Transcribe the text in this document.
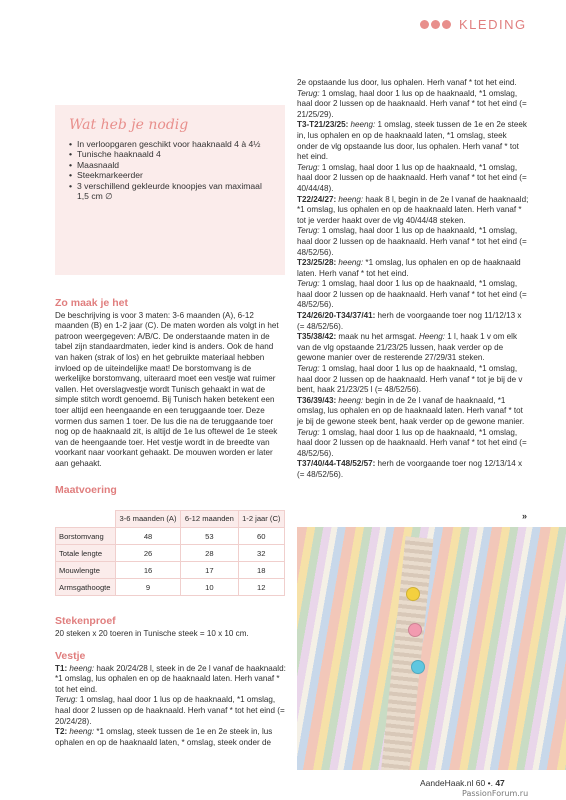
KLEDING
Wat heb je nodig
• In verloopgaren geschikt voor haaknaald 4 à 4½
• Tunische haaknaald 4
• Maasnaald
• Steekmarkeerder
• 3 verschillend gekleurde knoopjes van maximaal 1,5 cm ∅
Zo maak je het

De beschrijving is voor 3 maten: 3-6 maanden (A), 6-12 maanden (B) en 1-2 jaar (C). De maten worden als volgt in het patroon weergegeven: A/B/C. De onderstaande maten in de tabel zijn standaardmaten, ieder kind is anders. Ook de hand van haken (strak of los) en het gebruikte materiaal hebben invloed op de uiteindelijke maat! De borstomvang is de werkelijke borstomvang, uiteraard moet een vestje wat ruimer vallen. Het overslagvestje wordt Tunisch gehaakt in wat de simple stitch wordt genoemd. Bij Tunisch haken betekent een toer altijd een heengaande en een teruggaande toer. Deze vormen dus samen 1 toer. De lus die na de teruggaande toer nog op de haaknaald zit, is altijd de 1e lus oftewel de 1e steek van de heengaande toer. Het vestje wordt in de breedte van voorkant naar voorkant gehaakt. De mouwen worden er later aan gehaakt.

Maatvoering
	3-6 maanden (A)	6-12 maanden	1-2 jaar (C)
Borstomvang	48	53	60
Totale lengte	26	28	32
Mouwlengte	16	17	18
Armsgathoogte	9	10	12
Stekenproef

20 steken x 20 toeren in Tunische steek = 10 x 10 cm.

Vestje

T1: heeng: haak 20/24/28 l, steek in de 2e l vanaf de haaknaald: *1 omslag, lus ophalen en op de haaknaald laten. Herh vanaf * tot het eind.

Terug: 1 omslag, haal door 1 lus op de haaknaald, *1 omslag, haal door 2 lussen op de haaknaald. Herh vanaf * tot het eind (= 20/24/28).

T2: heeng: *1 omslag, steek tussen de 1e en 2e steek in, lus ophalen en op de haaknaald laten, * omslag, steek onder de

2e opstaande lus door, lus ophalen. Herh vanaf * tot het eind.

Terug: 1 omslag, haal door 1 lus op de haaknaald, *1 omslag, haal door 2 lussen op de haaknaald. Herh vanaf * tot het eind (= 21/25/29).

T3-T21/23/25: heeng: 1 omslag, steek tussen de 1e en 2e steek in, lus ophalen en op de haaknaald laten, *1 omslag, steek onder de vlg opstaande lus door, lus ophalen. Herh vanaf * tot het eind.

Terug: 1 omslag, haal door 1 lus op de haaknaald, *1 omslag, haal door 2 lussen op de haaknaald. Herh vanaf * tot het eind (= 40/44/48).

T22/24/27: heeng: haak 8 l, begin in de 2e l vanaf de haaknaald; *1 omslag, lus ophalen en op de haaknaald laten. Herh vanaf * tot je verder haakt over de vlg 40/44/48 steken.

Terug: 1 omslag, haal door 1 lus op de haaknaald, *1 omslag, haal door 2 lussen op de haaknaald. Herh vanaf * tot het eind (= 48/52/56).

T23/25/28: heeng: *1 omslag, lus ophalen en op de haaknaald laten. Herh vanaf * tot het eind.

Terug: 1 omslag, haal door 1 lus op de haaknaald, *1 omslag, haal door 2 lussen op de haaknaald. Herh vanaf * tot het eind (= 48/52/56).

T24/26/20-T34/37/41: herh de voorgaande toer nog 11/12/13 x (= 48/52/56).

T35/38/42: maak nu het armsgat. Heeng: 1 l, haak 1 v om elk van de vlg opstaande 21/23/25 lussen, haak verder op de gewone manier over de resterende 27/29/31 steken.

Terug: 1 omslag, haal door 1 lus op de haaknaald, *1 omslag, haal door 2 lussen op de haaknaald. Herh vanaf * tot je bij de v bent, haak 21/23/25 l (= 48/52/56).

T36/39/43: heeng: begin in de 2e l vanaf de haaknaald, *1 omslag, lus ophalen en op de haaknaald laten. Herh vanaf * tot je bij de gewone steek bent, haak verder op de gewone manier.

Terug: 1 omslag, haal door 1 lus op de haaknaald, *1 omslag, haal door 2 lussen op de haaknaald. Herh vanaf * tot het eind (= 48/52/56).

T37/40/44-T48/52/57: herh de voorgaande toer nog 12/13/14 x (= 48/52/56).

»
AandeHaak.nl 60 •. 47
PassionForum.ru
